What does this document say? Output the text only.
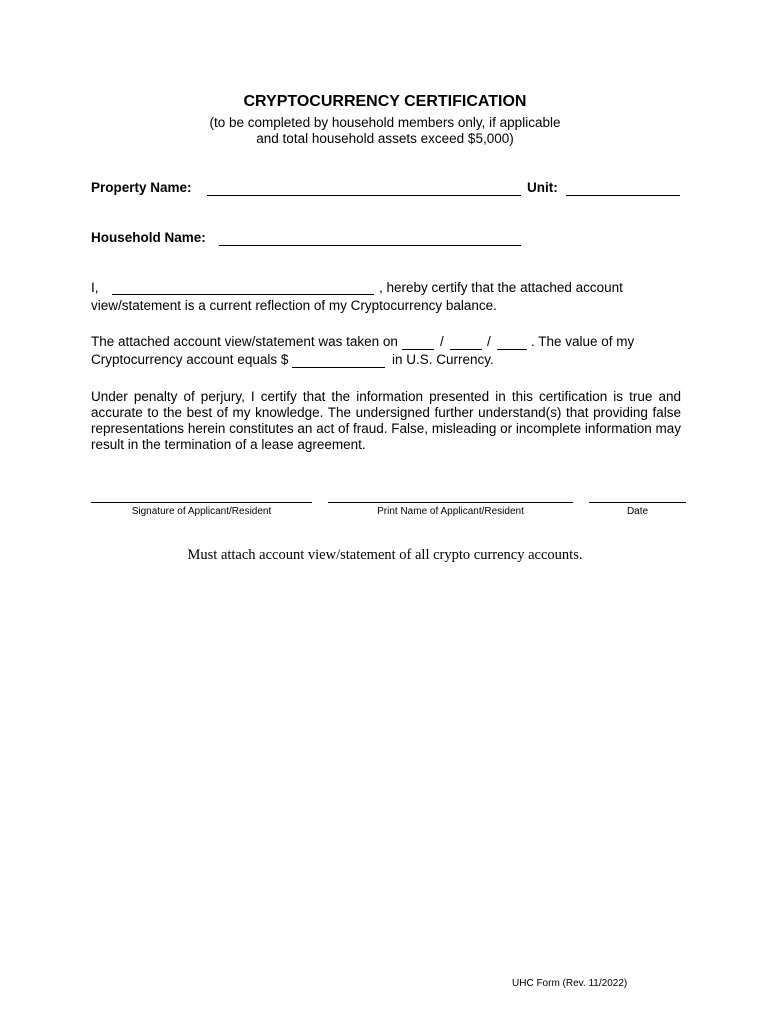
CRYPTOCURRENCY CERTIFICATION
(to be completed by household members only, if applicable
and total household assets exceed $5,000)
Property Name:	Unit:
Household Name:
I,	, hereby certify that the attached account
view/statement is a current reflection of my Cryptocurrency balance.
The attached account view/statement was taken on	/	/	. The value of my
Cryptocurrency account equals $	in U.S. Currency.
Under penalty of perjury, I certify that the information presented in this certification is true and accurate to the best of my knowledge. The undersigned further understand(s) that providing false representations herein constitutes an act of fraud. False, misleading or incomplete information may result in the termination of a lease agreement.
Signature of Applicant/Resident	Print Name of Applicant/Resident	Date
Must attach account view/statement of all crypto currency accounts.
UHC Form (Rev. 11/2022)
